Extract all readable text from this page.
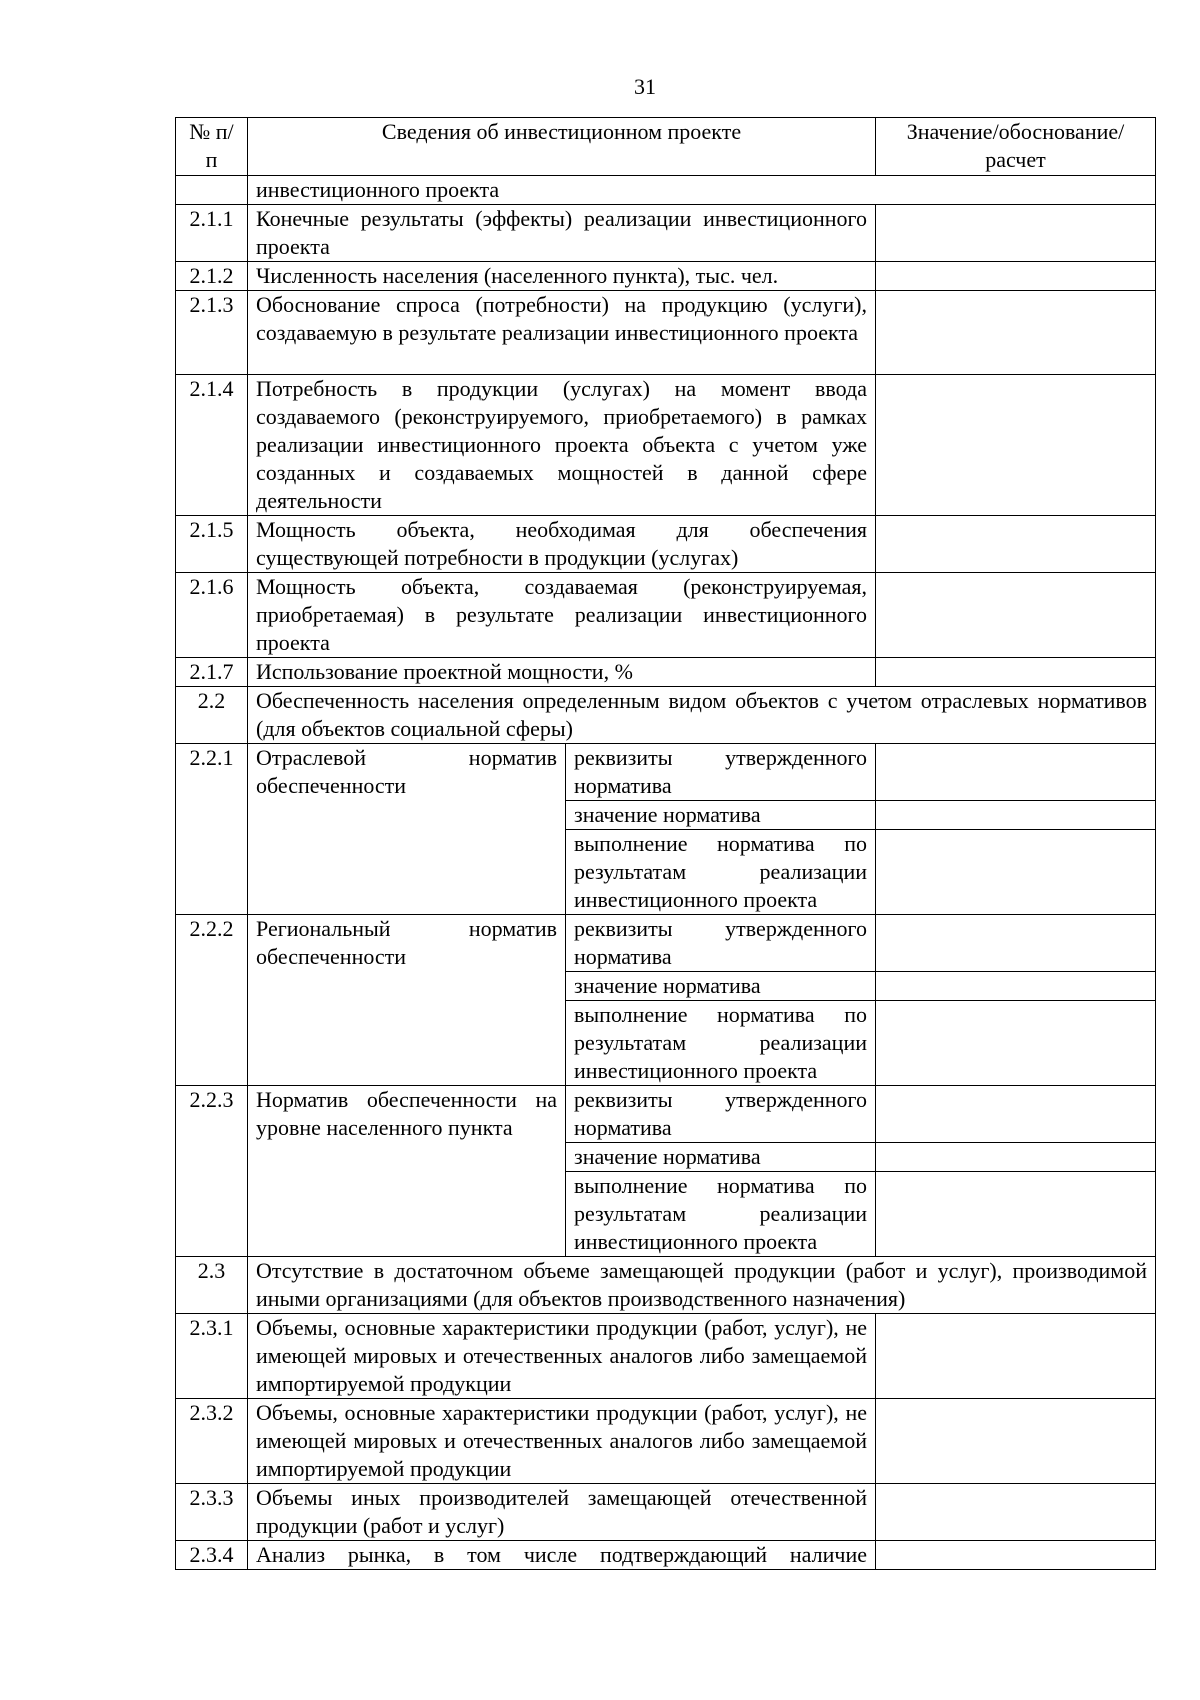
31
№ п/п	Сведения об инвестиционном проекте		Значение/обоснование/ расчет
	инвестиционного проекта		
2.1.1	Конечные результаты (эффекты) реализации инвестиционного проекта		
2.1.2	Численность населения (населенного пункта), тыс. чел.		
2.1.3	Обоснование спроса (потребности) на продукцию (услуги), создаваемую в результате реализации инвестиционного проекта		
2.1.4	Потребность в продукции (услугах) на момент ввода создаваемого (реконструируемого, приобретаемого) в рамках реализации инвестиционного проекта объекта с учетом уже созданных и создаваемых мощностей в данной сфере деятельности		
2.1.5	Мощность объекта, необходимая для обеспечения существующей потребности в продукции (услугах)		
2.1.6	Мощность объекта, создаваемая (реконструируемая, приобретаемая) в результате реализации инвестиционного проекта		
2.1.7	Использование проектной мощности, %		
2.2	Обеспеченность населения определенным видом объектов с учетом отраслевых нормативов (для объектов социальной сферы)		
2.2.1	Отраслевой норматив обеспеченности	реквизиты утвержденного норматива	
		значение норматива	
		выполнение норматива по результатам реализации инвестиционного проекта	
2.2.2	Региональный норматив обеспеченности	реквизиты утвержденного норматива	
		значение норматива	
		выполнение норматива по результатам реализации инвестиционного проекта	
2.2.3	Норматив обеспеченности на уровне населенного пункта	реквизиты утвержденного норматива	
		значение норматива	
		выполнение норматива по результатам реализации инвестиционного проекта	
2.3	Отсутствие в достаточном объеме замещающей продукции (работ и услуг), производимой иными организациями (для объектов производственного назначения)		
2.3.1	Объемы, основные характеристики продукции (работ, услуг), не имеющей мировых и отечественных аналогов либо замещаемой импортируемой продукции		
2.3.2	Объемы, основные характеристики продукции (работ, услуг), не имеющей мировых и отечественных аналогов либо замещаемой импортируемой продукции		
2.3.3	Объемы иных производителей замещающей отечественной продукции (работ и услуг)		
2.3.4	Анализ рынка, в том числе подтверждающий наличие		
